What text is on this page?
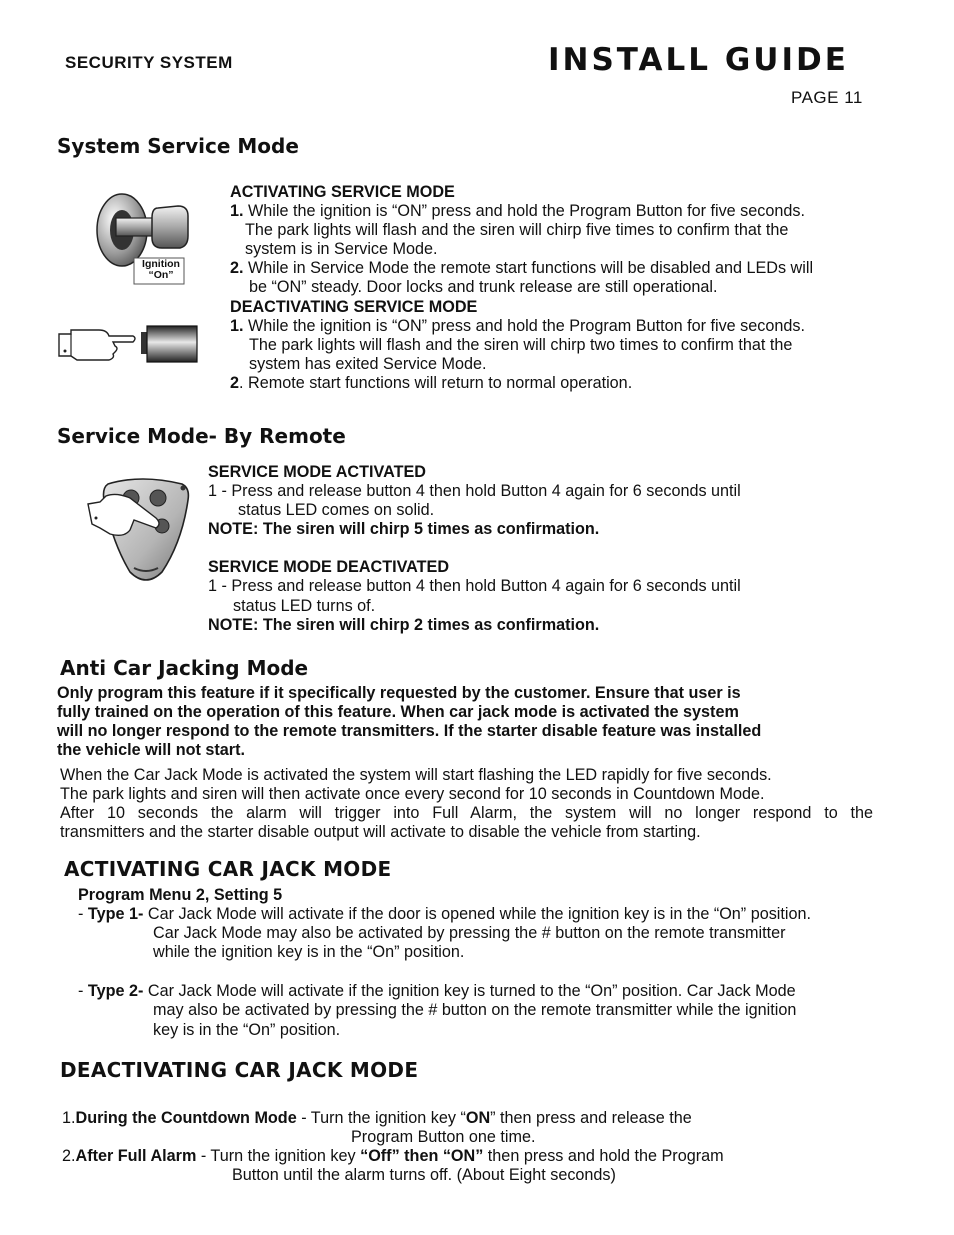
SECURITY SYSTEM	INSTALL GUIDE
PAGE 11
System Service Mode
Ignition
“On”

ACTIVATING SERVICE MODE

1. While the ignition is “ON” press and hold the Program Button for five seconds.

The park lights will flash and the siren will chirp five times to confirm that the

system is in Service Mode.

2. While in Service Mode the remote start functions will be disabled and LEDs will

be “ON” steady. Door locks and trunk release are still operational.

DEACTIVATING SERVICE MODE

1. While the ignition is “ON” press and hold the Program Button for five seconds.

The park lights will flash and the siren will chirp two times to confirm that the

system has exited Service Mode.

2. Remote start functions will return to normal operation.

Service Mode- By Remote

SERVICE MODE ACTIVATED

1 - Press and release button 4 then hold Button 4 again for 6 seconds until

status LED comes on solid.

NOTE: The siren will chirp 5 times as confirmation.

SERVICE MODE DEACTIVATED

1 - Press and release button 4 then hold Button 4 again for 6 seconds until

status LED turns of.

NOTE: The siren will chirp 2 times as confirmation.

Anti Car Jacking Mode

Only program this feature if it specifically requested by the customer. Ensure that user is

fully trained on the operation of this feature. When car jack mode is activated the system

will no longer respond to the remote transmitters. If the starter disable feature was installed

the vehicle will not start.

When the Car Jack Mode is activated the system will start flashing the LED rapidly for five seconds.

The park lights and siren will then activate once every second for 10 seconds in Countdown Mode.

After 10 seconds the alarm will trigger into Full Alarm, the system will no longer respond to the

transmitters and the starter disable output will activate to disable the vehicle from starting.

ACTIVATING CAR JACK MODE

Program Menu 2, Setting 5

- Type 1- Car Jack Mode will activate if the door is opened while the ignition key is in the “On” position.

Car Jack Mode may also be activated by pressing the # button on the remote transmitter

while the ignition key is in the “On” position.

- Type 2- Car Jack Mode will activate if the ignition key is turned to the “On” position. Car Jack Mode

may also be activated by pressing the # button on the remote transmitter while the ignition

key is in the “On” position.

DEACTIVATING CAR JACK MODE

1.During the Countdown Mode - Turn the ignition key “ON” then press and release the

Program Button one time.

2.After Full Alarm - Turn the ignition key “Off” then “ON” then press and hold the Program

Button until the alarm turns off. (About Eight seconds)
